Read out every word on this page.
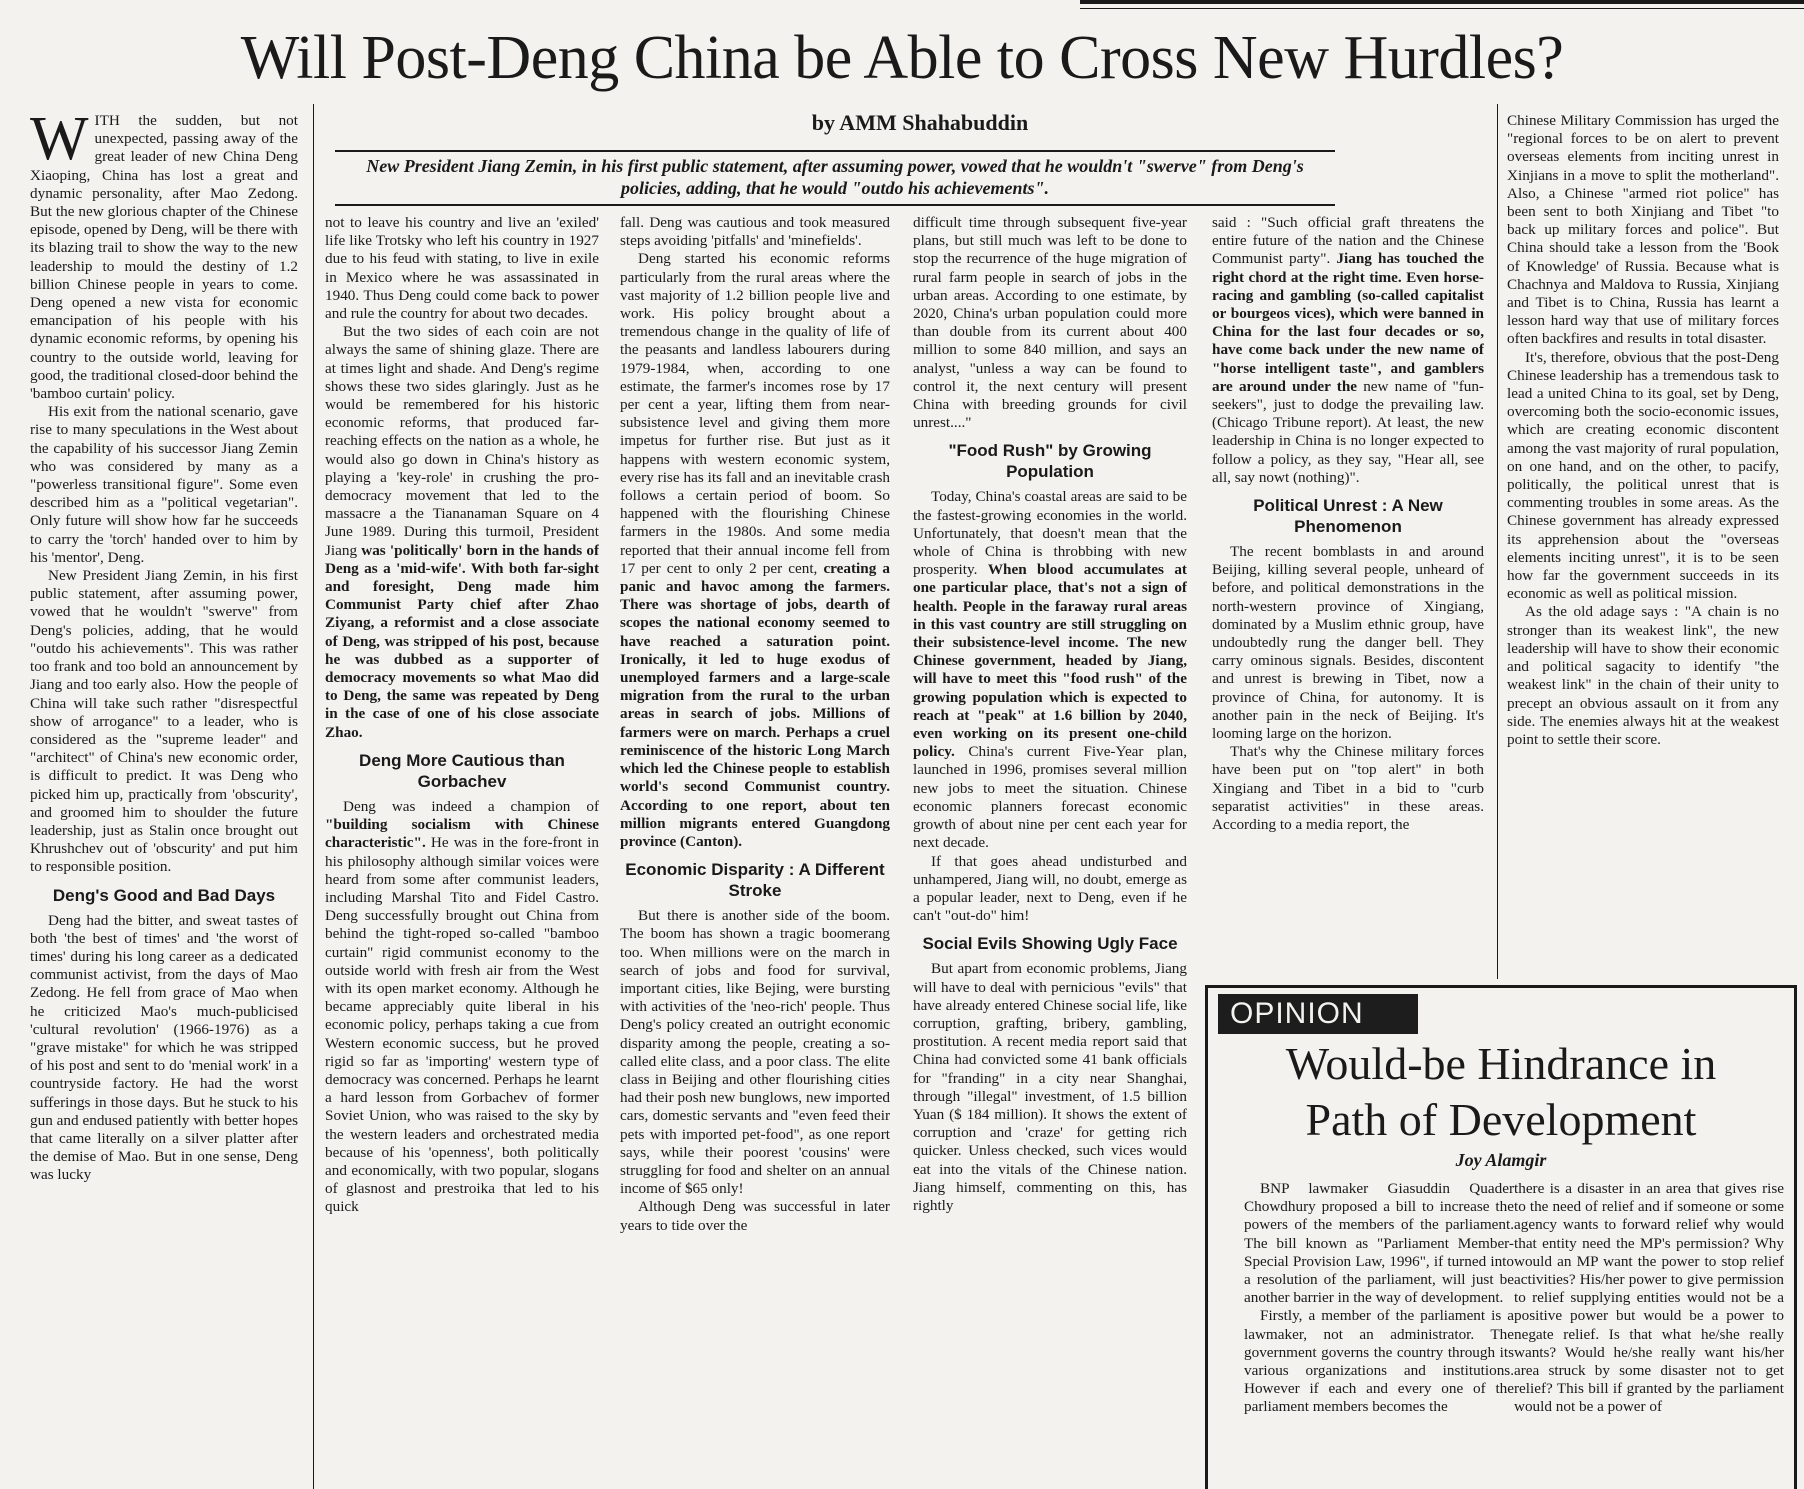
Will Post-Deng China be Able to Cross New Hurdles?
by AMM Shahabuddin
New President Jiang Zemin, in his first public statement, after assuming power, vowed that he wouldn't "swerve" from Deng's policies, adding, that he would "outdo his achievements".

WITH the sudden, but not unexpected, passing away of the great leader of new China Deng Xiaoping, China has lost a great and dynamic personality, after Mao Zedong. But the new glorious chapter of the Chinese episode, opened by Deng, will be there with its blazing trail to show the way to the new leadership to mould the destiny of 1.2 billion Chinese people in years to come. Deng opened a new vista for economic emancipation of his people with his dynamic economic reforms, by opening his country to the outside world, leaving for good, the traditional closed-door behind the 'bamboo curtain' policy.

His exit from the national scenario, gave rise to many speculations in the West about the capability of his successor Jiang Zemin who was considered by many as a "powerless transitional figure". Some even described him as a "political vegetarian". Only future will show how far he succeeds to carry the 'torch' handed over to him by his 'mentor', Deng.

New President Jiang Zemin, in his first public statement, after assuming power, vowed that he wouldn't "swerve" from Deng's policies, adding, that he would "outdo his achievements". This was rather too frank and too bold an announcement by Jiang and too early also. How the people of China will take such rather "disrespectful show of arrogance" to a leader, who is considered as the "supreme leader" and "architect" of China's new economic order, is difficult to predict. It was Deng who picked him up, practically from 'obscurity', and groomed him to shoulder the future leadership, just as Stalin once brought out Khrushchev out of 'obscurity' and put him to responsible position.

Deng's Good and Bad Days

Deng had the bitter, and sweat tastes of both 'the best of times' and 'the worst of times' during his long career as a dedicated communist activist, from the days of Mao Zedong. He fell from grace of Mao when he criticized Mao's much-publicised 'cultural revolution' (1966-1976) as a "grave mistake" for which he was stripped of his post and sent to do 'menial work' in a countryside factory. He had the worst sufferings in those days. But he stuck to his gun and endused patiently with better hopes that came literally on a silver platter after the demise of Mao. But in one sense, Deng was lucky

not to leave his country and live an 'exiled' life like Trotsky who left his country in 1927 due to his feud with stating, to live in exile in Mexico where he was assassinated in 1940. Thus Deng could come back to power and rule the country for about two decades.

But the two sides of each coin are not always the same of shining glaze. There are at times light and shade. And Deng's regime shows these two sides glaringly. Just as he would be remembered for his historic economic reforms, that produced far-reaching effects on the nation as a whole, he would also go down in China's history as playing a 'key-role' in crushing the pro-democracy movement that led to the massacre a the Tiananaman Square on 4 June 1989. During this turmoil, President Jiang was 'politically' born in the hands of Deng as a 'mid-wife'. With both far-sight and foresight, Deng made him Communist Party chief after Zhao Ziyang, a reformist and a close associate of Deng, was stripped of his post, because he was dubbed as a supporter of democracy movements so what Mao did to Deng, the same was repeated by Deng in the case of one of his close associate Zhao.

Deng More Cautious than Gorbachev

Deng was indeed a champion of "building socialism with Chinese characteristic". He was in the fore-front in his philosophy although similar voices were heard from some after communist leaders, including Marshal Tito and Fidel Castro. Deng successfully brought out China from behind the tight-roped so-called "bamboo curtain" rigid communist economy to the outside world with fresh air from the West with its open market economy. Although he became appreciably quite liberal in his economic policy, perhaps taking a cue from Western economic success, but he proved rigid so far as 'importing' western type of democracy was concerned. Perhaps he learnt a hard lesson from Gorbachev of former Soviet Union, who was raised to the sky by the western leaders and orchestrated media because of his 'openness', both politically and economically, with two popular, slogans of glasnost and prestroika that led to his quick

fall. Deng was cautious and took measured steps avoiding 'pitfalls' and 'minefields'.

Deng started his economic reforms particularly from the rural areas where the vast majority of 1.2 billion people live and work. His policy brought about a tremendous change in the quality of life of the peasants and landless labourers during 1979-1984, when, according to one estimate, the farmer's incomes rose by 17 per cent a year, lifting them from near-subsistence level and giving them more impetus for further rise. But just as it happens with western economic system, every rise has its fall and an inevitable crash follows a certain period of boom. So happened with the flourishing Chinese farmers in the 1980s. And some media reported that their annual income fell from 17 per cent to only 2 per cent, creating a panic and havoc among the farmers. There was shortage of jobs, dearth of scopes the national economy seemed to have reached a saturation point. Ironically, it led to huge exodus of unemployed farmers and a large-scale migration from the rural to the urban areas in search of jobs. Millions of farmers were on march. Perhaps a cruel reminiscence of the historic Long March which led the Chinese people to establish world's second Communist country. According to one report, about ten million migrants entered Guangdong province (Canton).

Economic Disparity : A Different Stroke

But there is another side of the boom. The boom has shown a tragic boomerang too. When millions were on the march in search of jobs and food for survival, important cities, like Bejing, were bursting with activities of the 'neo-rich' people. Thus Deng's policy created an outright economic disparity among the people, creating a so-called elite class, and a poor class. The elite class in Beijing and other flourishing cities had their posh new bunglows, new imported cars, domestic servants and "even feed their pets with imported pet-food", as one report says, while their poorest 'cousins' were struggling for food and shelter on an annual income of $65 only!

Although Deng was successful in later years to tide over the

difficult time through subsequent five-year plans, but still much was left to be done to stop the recurrence of the huge migration of rural farm people in search of jobs in the urban areas. According to one estimate, by 2020, China's urban population could more than double from its current about 400 million to some 840 million, and says an analyst, "unless a way can be found to control it, the next century will present China with breeding grounds for civil unrest...."

"Food Rush" by Growing Population

Today, China's coastal areas are said to be the fastest-growing economies in the world. Unfortunately, that doesn't mean that the whole of China is throbbing with new prosperity. When blood accumulates at one particular place, that's not a sign of health. People in the faraway rural areas in this vast country are still struggling on their subsistence-level income. The new Chinese government, headed by Jiang, will have to meet this "food rush" of the growing population which is expected to reach at "peak" at 1.6 billion by 2040, even working on its present one-child policy. China's current Five-Year plan, launched in 1996, promises several million new jobs to meet the situation. Chinese economic planners forecast economic growth of about nine per cent each year for next decade.

If that goes ahead undisturbed and unhampered, Jiang will, no doubt, emerge as a popular leader, next to Deng, even if he can't "out-do" him!

Social Evils Showing Ugly Face

But apart from economic problems, Jiang will have to deal with pernicious "evils" that have already entered Chinese social life, like corruption, grafting, bribery, gambling, prostitution. A recent media report said that China had convicted some 41 bank officials for "franding" in a city near Shanghai, through "illegal" investment, of 1.5 billion Yuan ($ 184 million). It shows the extent of corruption and 'craze' for getting rich quicker. Unless checked, such vices would eat into the vitals of the Chinese nation. Jiang himself, commenting on this, has rightly

said : "Such official graft threatens the entire future of the nation and the Chinese Communist party". Jiang has touched the right chord at the right time. Even horse-racing and gambling (so-called capitalist or bourgeos vices), which were banned in China for the last four decades or so, have come back under the new name of "horse intelligent taste", and gamblers are around under the new name of "fun-seekers", just to dodge the prevailing law. (Chicago Tribune report). At least, the new leadership in China is no longer expected to follow a policy, as they say, "Hear all, see all, say nowt (nothing)".

Political Unrest : A New Phenomenon

The recent bomblasts in and around Beijing, killing several people, unheard of before, and political demonstrations in the north-western province of Xingiang, dominated by a Muslim ethnic group, have undoubtedly rung the danger bell. They carry ominous signals. Besides, discontent and unrest is brewing in Tibet, now a province of China, for autonomy. It is another pain in the neck of Beijing. It's looming large on the horizon.

That's why the Chinese military forces have been put on "top alert" in both Xingiang and Tibet in a bid to "curb separatist activities" in these areas. According to a media report, the

Chinese Military Commission has urged the "regional forces to be on alert to prevent overseas elements from inciting unrest in Xinjians in a move to split the motherland". Also, a Chinese "armed riot police" has been sent to both Xinjiang and Tibet "to back up military forces and police". But China should take a lesson from the 'Book of Knowledge' of Russia. Because what is Chachnya and Maldova to Russia, Xinjiang and Tibet is to China, Russia has learnt a lesson hard way that use of military forces often backfires and results in total disaster.

It's, therefore, obvious that the post-Deng Chinese leadership has a tremendous task to lead a united China to its goal, set by Deng, overcoming both the socio-economic issues, which are creating economic discontent among the vast majority of rural population, on one hand, and on the other, to pacify, politically, the political unrest that is commenting troubles in some areas. As the Chinese government has already expressed its apprehension about the "overseas elements inciting unrest", it is to be seen how far the government succeeds in its economic as well as political mission.

As the old adage says : "A chain is no stronger than its weakest link", the new leadership will have to show their economic and political sagacity to identify "the weakest link" in the chain of their unity to precept an obvious assault on it from any side. The enemies always hit at the weakest point to settle their score.

OPINION
Would-be Hindrance in
Path of Development
Joy Alamgir

BNP lawmaker Giasuddin Quader Chowdhury proposed a bill to increase the powers of the members of the parliament. The bill known as "Parliament Member-Special Provision Law, 1996", if turned into a resolution of the parliament, will just be another barrier in the way of development.

Firstly, a member of the parliament is a lawmaker, not an administrator. The government governs the country through its various organizations and institutions. However if each and every one of the parliament members becomes the

there is a disaster in an area that gives rise to the need of relief and if someone or some agency wants to forward relief why would that entity need the MP's permission? Why would an MP want the power to stop relief activities? His/her power to give permission to relief supplying entities would not be a positive power but would be a power to negate relief. Is that what he/she really wants? Would he/she really want his/her area struck by some disaster not to get relief? This bill if granted by the parliament would not be a power of
